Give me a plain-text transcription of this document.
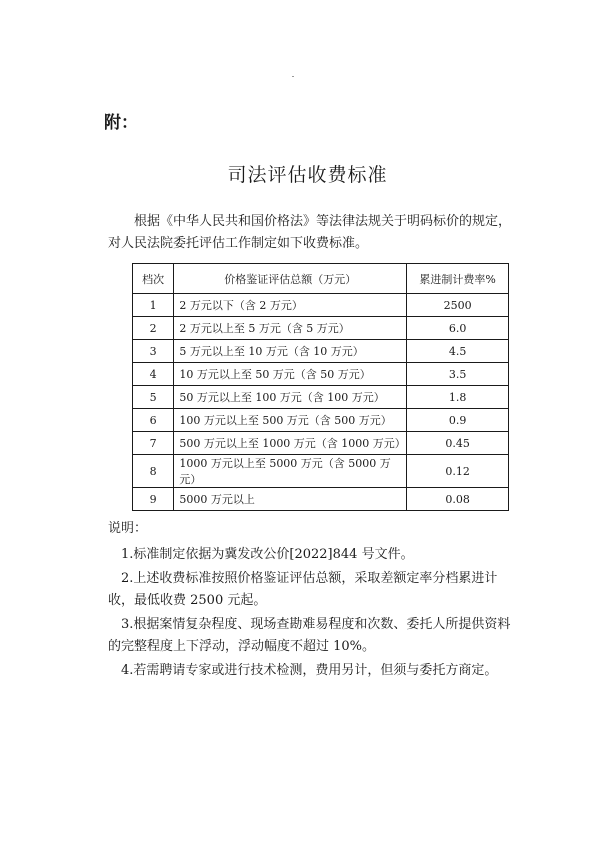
附：
司法评估收费标准

根据《中华人民共和国价格法》等法律法规关于明码标价的规定，对人民法院委托评估工作制定如下收费标准。

档次	价格鉴证评估总额（万元）	累进制计费率%
1	2 万元以下（含 2 万元）	2500
2	2 万元以上至 5 万元（含 5 万元）	6.0
3	5 万元以上至 10 万元（含 10 万元）	4.5
4	10 万元以上至 50 万元（含 50 万元）	3.5
5	50 万元以上至 100 万元（含 100 万元）	1.8
6	100 万元以上至 500 万元（含 500 万元）	0.9
7	500 万元以上至 1000 万元（含 1000 万元）	0.45
8	1000 万元以上至 5000 万元（含 5000 万元）	0.12
9	5000 万元以上	0.08

说明：

1.标准制定依据为冀发改公价[2022]844 号文件。

2.上述收费标准按照价格鉴证评估总额，采取差额定率分档累进计收，最低收费 2500 元起。

3.根据案情复杂程度、现场查勘难易程度和次数、委托人所提供资料的完整程度上下浮动，浮动幅度不超过 10%。

4.若需聘请专家或进行技术检测，费用另计，但须与委托方商定。
